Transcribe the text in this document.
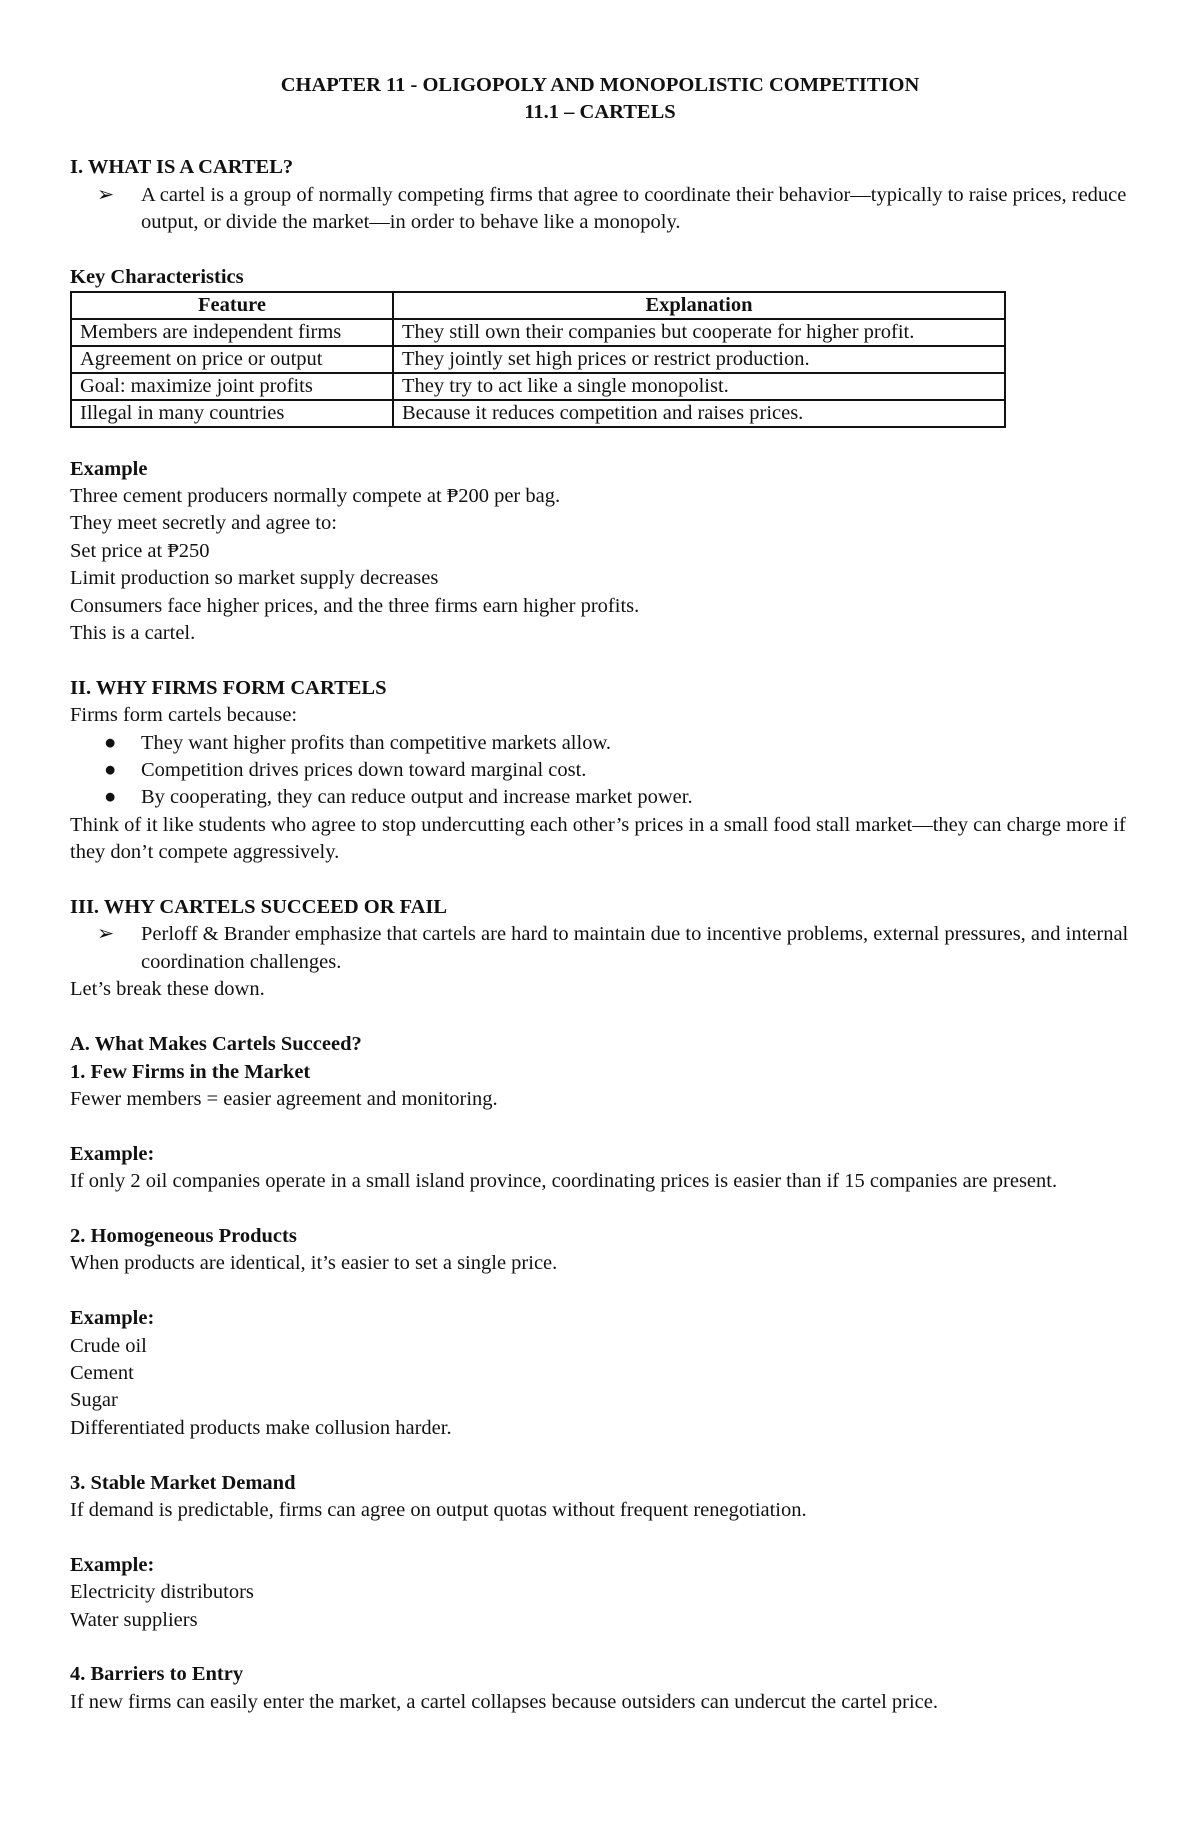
CHAPTER 11 - OLIGOPOLY AND MONOPOLISTIC COMPETITION
11.1 – CARTELS
I. WHAT IS A CARTEL?
➢ A cartel is a group of normally competing firms that agree to coordinate their behavior—typically to raise prices, reduce output, or divide the market—in order to behave like a monopoly.
Key Characteristics
Feature	Explanation
Members are independent firms	They still own their companies but cooperate for higher profit.
Agreement on price or output	They jointly set high prices or restrict production.
Goal: maximize joint profits	They try to act like a single monopolist.
Illegal in many countries	Because it reduces competition and raises prices.
Example
Three cement producers normally compete at ₱200 per bag.
They meet secretly and agree to:
Set price at ₱250
Limit production so market supply decreases
Consumers face higher prices, and the three firms earn higher profits.
This is a cartel.
II. WHY FIRMS FORM CARTELS
Firms form cartels because:
● They want higher profits than competitive markets allow.
● Competition drives prices down toward marginal cost.
● By cooperating, they can reduce output and increase market power.
Think of it like students who agree to stop undercutting each other’s prices in a small food stall market—they can charge more if they don’t compete aggressively.
III. WHY CARTELS SUCCEED OR FAIL
➢ Perloff & Brander emphasize that cartels are hard to maintain due to incentive problems, external pressures, and internal coordination challenges.
Let’s break these down.
A. What Makes Cartels Succeed?
1. Few Firms in the Market
Fewer members = easier agreement and monitoring.
Example:
If only 2 oil companies operate in a small island province, coordinating prices is easier than if 15 companies are present.
2. Homogeneous Products
When products are identical, it’s easier to set a single price.
Example:
Crude oil
Cement
Sugar
Differentiated products make collusion harder.
3. Stable Market Demand
If demand is predictable, firms can agree on output quotas without frequent renegotiation.
Example:
Electricity distributors
Water suppliers
4. Barriers to Entry
If new firms can easily enter the market, a cartel collapses because outsiders can undercut the cartel price.
